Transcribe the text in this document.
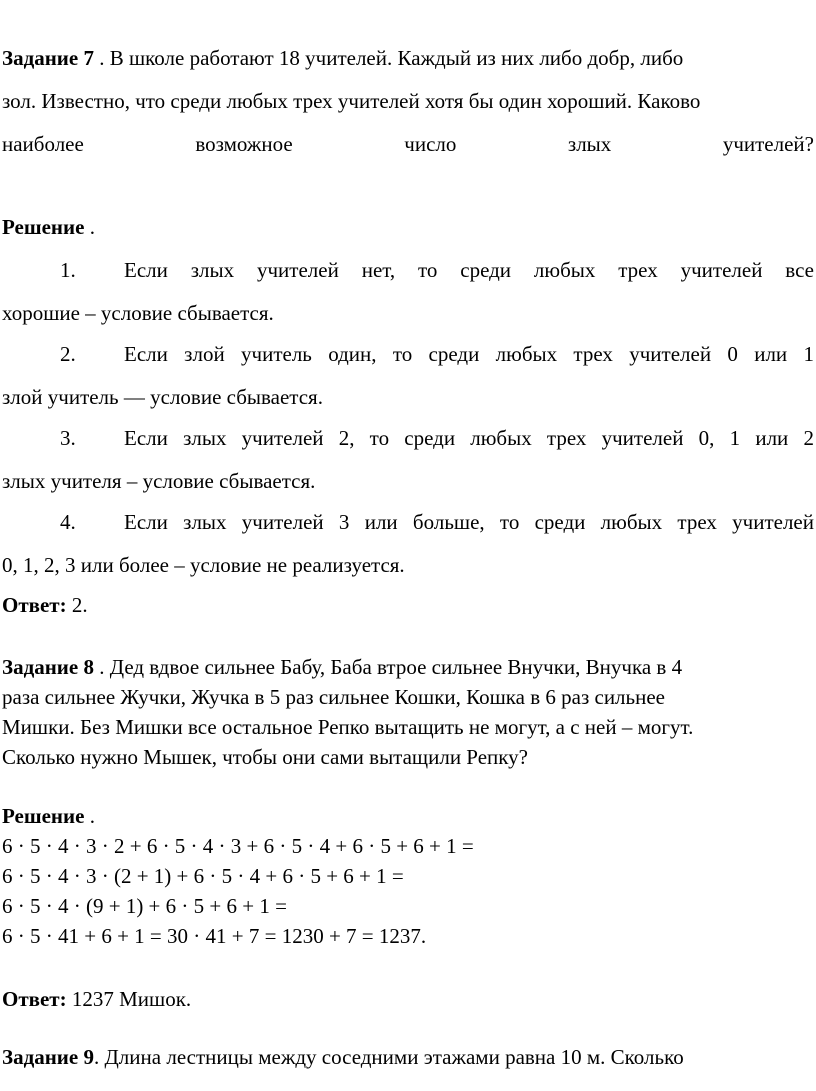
Задание 7 . В школе работают 18 учителей. Каждый из них либо добр, либо
зол. Известно, что среди любых трех учителей хотя бы один хороший. Каково
наиболее возможное число злых учителей?
Решение .
1. Если злых учителей нет, то среди любых трех учителей все
хорошие – условие сбывается.
2. Если злой учитель один, то среди любых трех учителей 0 или 1
злой учитель — условие сбывается.
3. Если злых учителей 2, то среди любых трех учителей 0, 1 или 2
злых учителя – условие сбывается.
4. Если злых учителей 3 или больше, то среди любых трех учителей
0, 1, 2, 3 или более – условие не реализуется.
Ответ: 2.
Задание 8 . Дед вдвое сильнее Бабу, Баба втрое сильнее Внучки, Внучка в 4
раза сильнее Жучки, Жучка в 5 раз сильнее Кошки, Кошка в 6 раз сильнее
Мишки. Без Мишки все остальное Репко вытащить не могут, а с ней – могут.
Сколько нужно Мышек, чтобы они сами вытащили Репку?
Решение .
6 · 5 · 4 · 3 · 2 + 6 · 5 · 4 · 3 + 6 · 5 · 4 + 6 · 5 + 6 + 1 =
6 · 5 · 4 · 3 · (2 + 1) + 6 · 5 · 4 + 6 · 5 + 6 + 1 =
6 · 5 · 4 · (9 + 1) + 6 · 5 + 6 + 1 =
6 · 5 · 41 + 6 + 1 = 30 · 41 + 7 = 1230 + 7 = 1237.
Ответ: 1237 Мишок.
Задание 9. Длина лестницы между соседними этажами равна 10 м. Сколько
